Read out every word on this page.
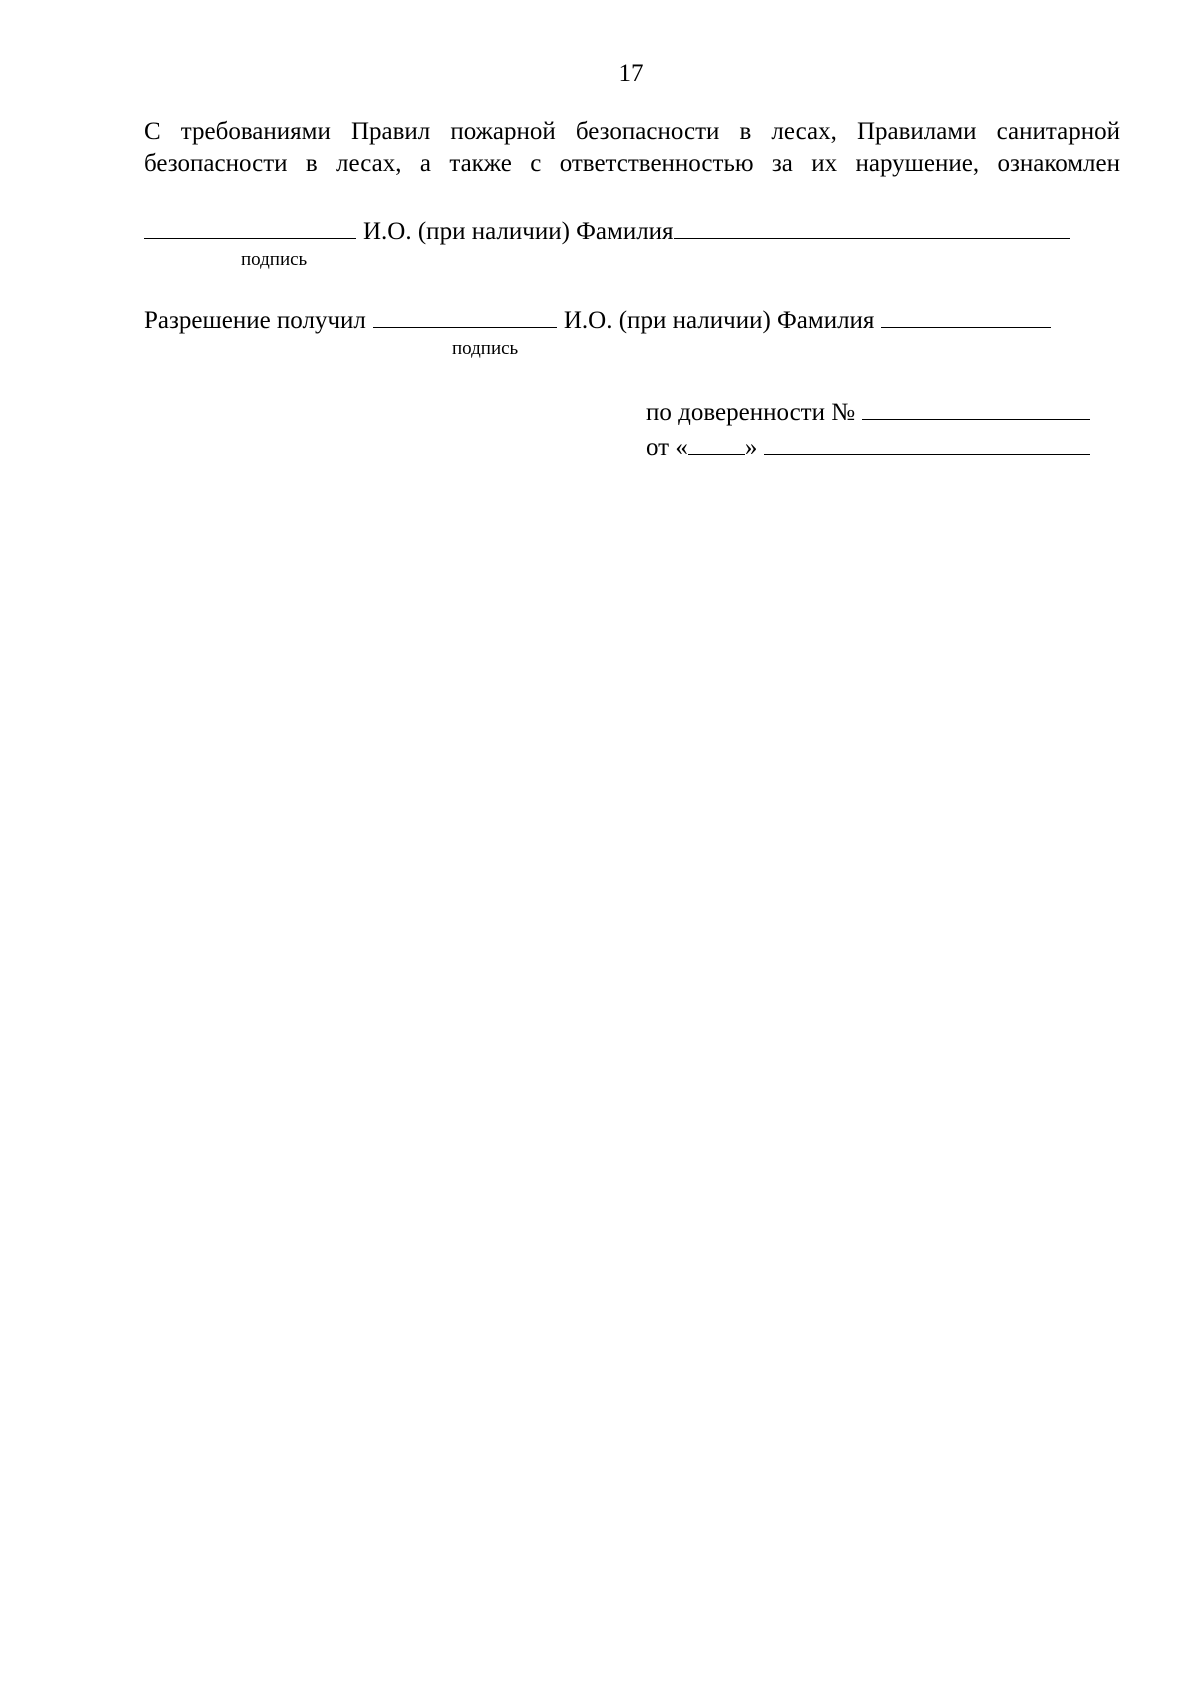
17
С требованиями Правил пожарной безопасности в лесах, Правилами санитарной
безопасности в лесах, а также с ответственностью за их нарушение, ознакомлен
И.О. (при наличии) Фамилия
подпись
Разрешение получил	И.О. (при наличии) Фамилия
подпись
по доверенности №
от « »
